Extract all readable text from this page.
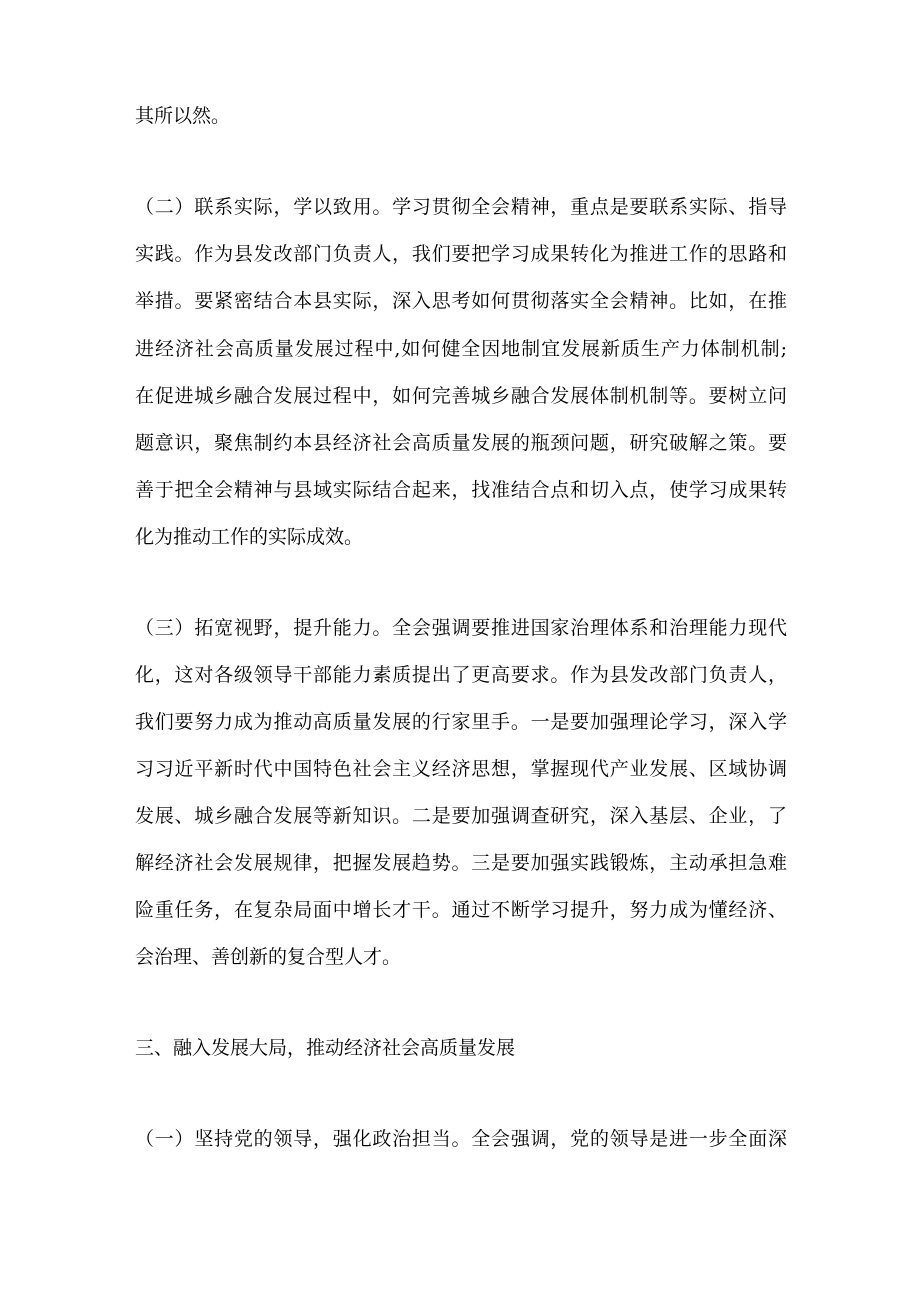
其所以然。
（二）联系实际，学以致用。学习贯彻全会精神，重点是要联系实际、指导
实践。作为县发改部门负责人，我们要把学习成果转化为推进工作的思路和
举措。要紧密结合本县实际，深入思考如何贯彻落实全会精神。比如，在推
进经济社会高质量发展过程中,如何健全因地制宜发展新质生产力体制机制;
在促进城乡融合发展过程中，如何完善城乡融合发展体制机制等。要树立问
题意识，聚焦制约本县经济社会高质量发展的瓶颈问题，研究破解之策。要
善于把全会精神与县域实际结合起来，找准结合点和切入点，使学习成果转
化为推动工作的实际成效。
（三）拓宽视野，提升能力。全会强调要推进国家治理体系和治理能力现代
化，这对各级领导干部能力素质提出了更高要求。作为县发改部门负责人，
我们要努力成为推动高质量发展的行家里手。一是要加强理论学习，深入学
习习近平新时代中国特色社会主义经济思想，掌握现代产业发展、区域协调
发展、城乡融合发展等新知识。二是要加强调查研究，深入基层、企业，了
解经济社会发展规律，把握发展趋势。三是要加强实践锻炼，主动承担急难
险重任务，在复杂局面中增长才干。通过不断学习提升，努力成为懂经济、
会治理、善创新的复合型人才。
三、融入发展大局，推动经济社会高质量发展
（一）坚持党的领导，强化政治担当。全会强调，党的领导是进一步全面深
